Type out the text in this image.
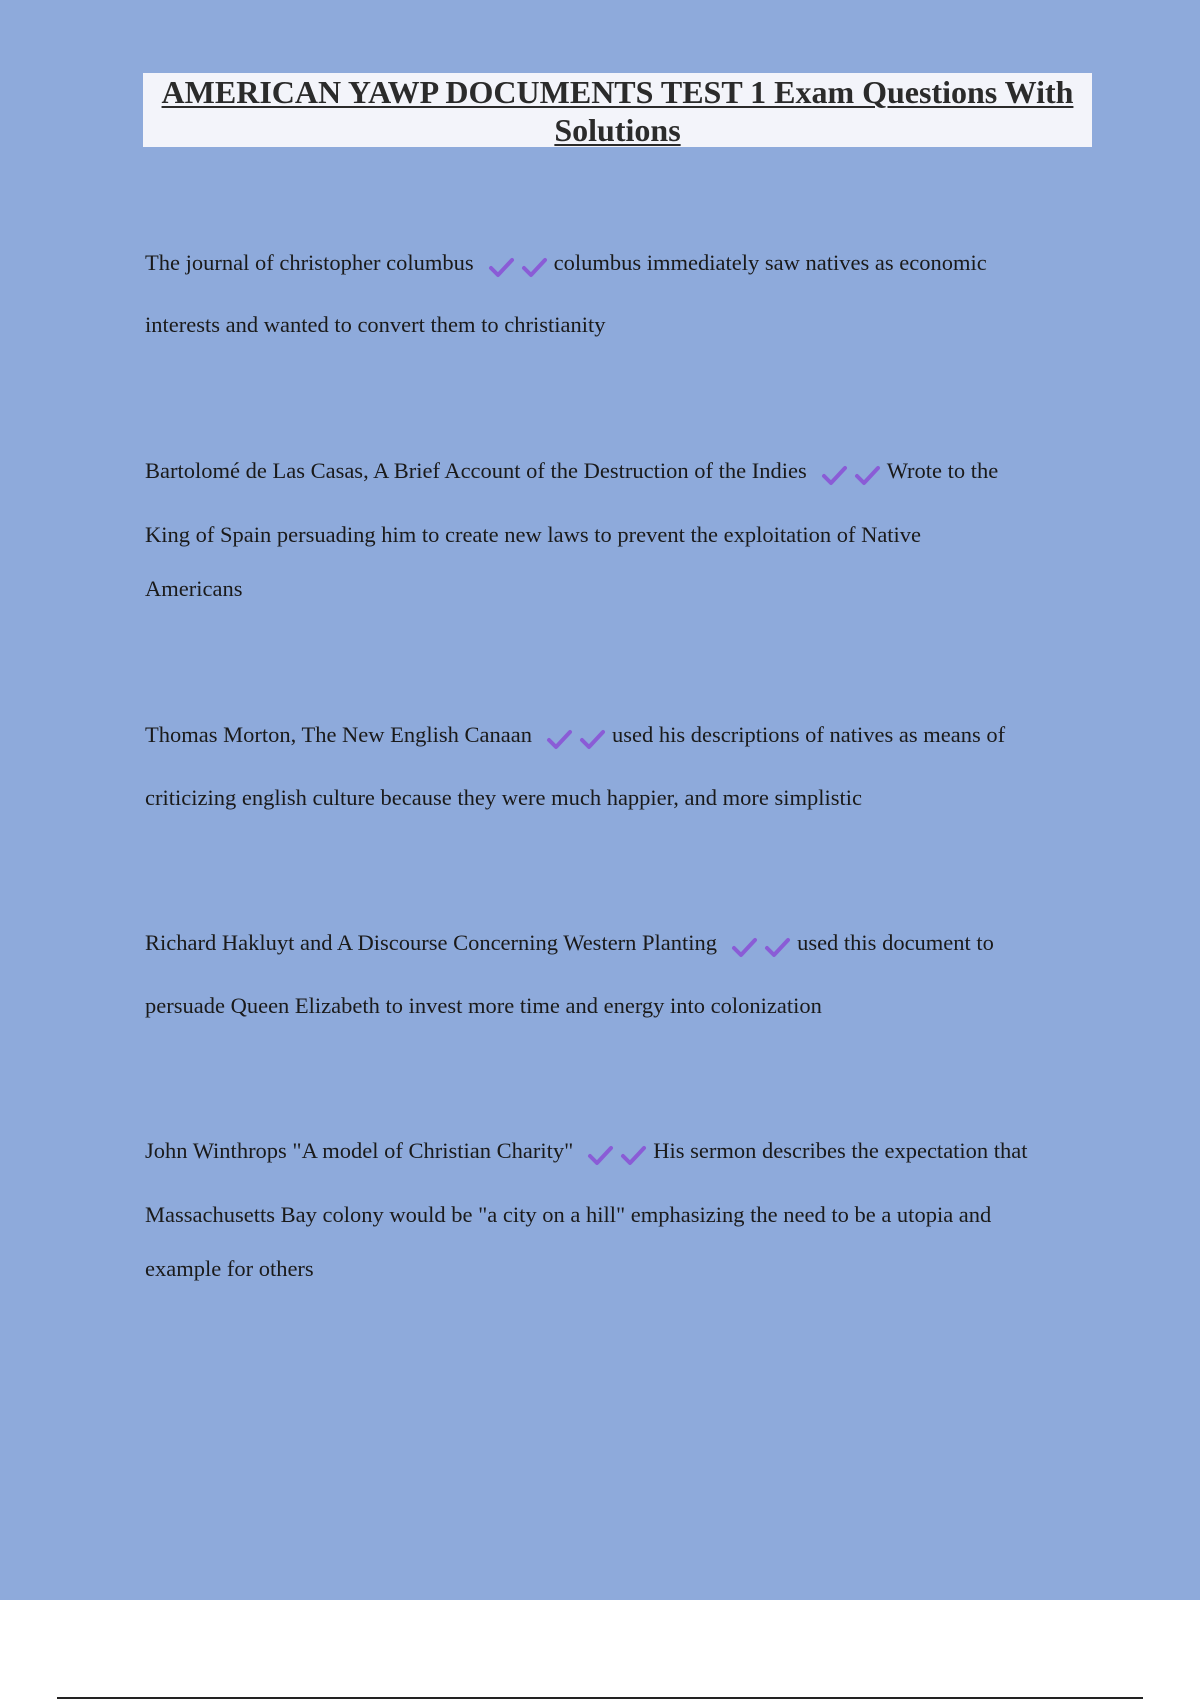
AMERICAN YAWP DOCUMENTS TEST 1 Exam Questions With
Solutions

The journal of christopher columbus	columbus immediately saw natives as economic

interests and wanted to convert them to christianity

Bartolomé de Las Casas, A Brief Account of the Destruction of the Indies	Wrote to the

King of Spain persuading him to create new laws to prevent the exploitation of Native

Americans

Thomas Morton, The New English Canaan	used his descriptions of natives as means of

criticizing english culture because they were much happier, and more simplistic

Richard Hakluyt and A Discourse Concerning Western Planting	used this document to

persuade Queen Elizabeth to invest more time and energy into colonization

John Winthrops "A model of Christian Charity"	His sermon describes the expectation that

Massachusetts Bay colony would be "a city on a hill" emphasizing the need to be a utopia and

example for others
